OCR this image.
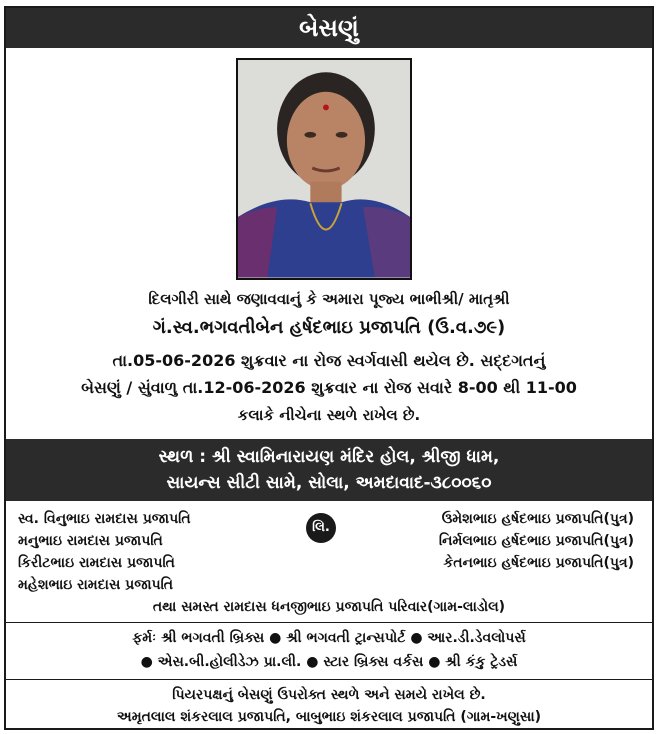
બેસણું
દિલગીરી સાથે જણાવવાનું કે અમારા પૂજ્ય ભાભીશ્રી/ માતૃશ્રી
ગં.સ્વ.ભગવતીબેન હર્ષદભાઇ પ્રજાપતિ (ઉ.વ.૭૯)
તા.05-06-2026 શુક્રવાર ના રોજ સ્વર્ગવાસી થયેલ છે. સદ્દગતનું
બેસણું / સુંવાળુ તા.12-06-2026 શુક્રવાર ના રોજ સવારે 8-00 થી 11-00
કલાકે નીચેના સ્થળે રાખેલ છે.
સ્થળ : શ્રી સ્વામિનારાયણ મંદિર હોલ, શ્રીજી ધામ,
સાયન્સ સીટી સામે, સોલા, અમદાવાદ-૩૮૦૦૬૦
સ્વ. વિનુભાઇ રામદાસ પ્રજાપતિ
મનુભાઇ રામદાસ પ્રજાપતિ
કિરીટભાઇ રામદાસ પ્રજાપતિ
મહેશભાઇ રામદાસ પ્રજાપતિ
લિ.
ઉમેશભાઇ હર્ષદભાઇ પ્રજાપતિ(પુત્ર)
નિર્મલભાઇ હર્ષદભાઇ પ્રજાપતિ(પુત્ર)
કેતનભાઇ હર્ષદભાઇ પ્રજાપતિ(પુત્ર)
તથા સમસ્ત રામદાસ ધનજીભાઇ પ્રજાપતિ પરિવાર(ગામ-લાડોલ)
ફર્મઃ શ્રી ભગવતી બ્રિક્સ ● શ્રી ભગવતી ટ્રાન્સપોર્ટ ● આર.ડી.ડેવલોપર્સ
● એસ.બી.હોલીડેઝ પ્રા.લી. ● સ્ટાર બ્રિક્સ વર્કસ ● શ્રી કંકુ ટ્રેડર્સ
પિયરપક્ષનું બેસણું ઉપરોક્ત સ્થળે અને સમયે રાખેલ છે.
અમૃતલાલ શંકરલાલ પ્રજાપતિ, બાબુભાઇ શંકરલાલ પ્રજાપતિ (ગામ-ખણુસા)
